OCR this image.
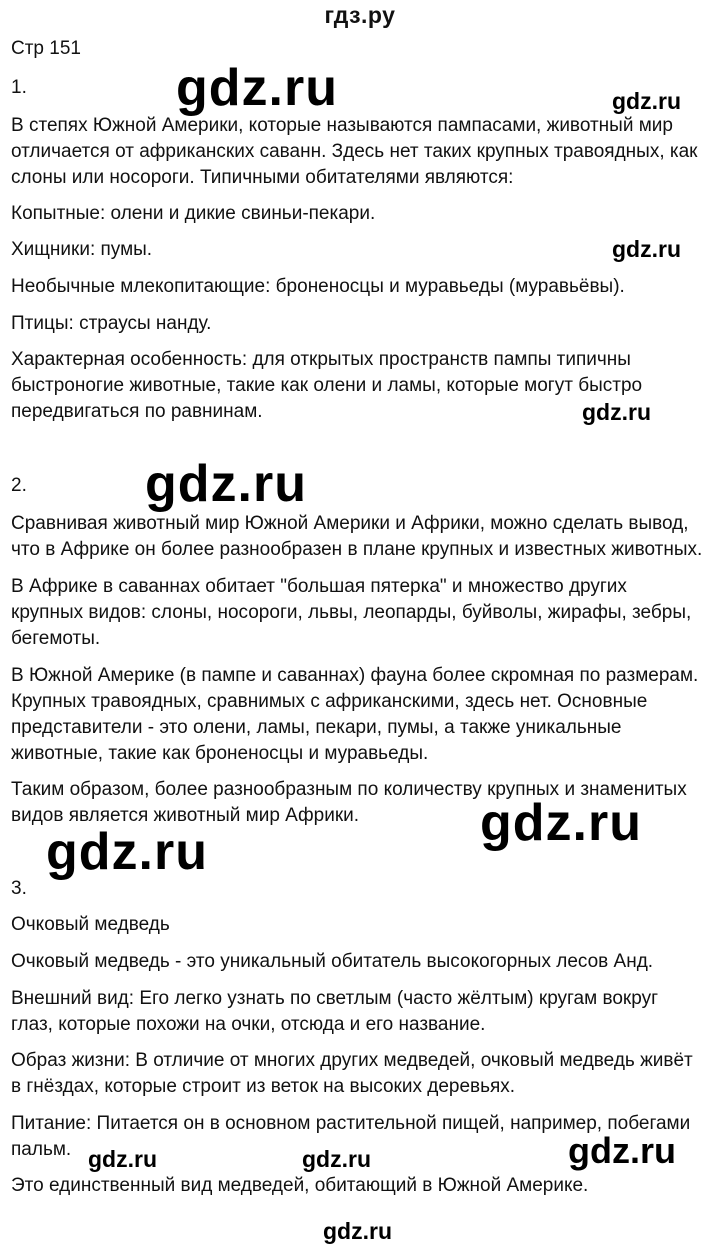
гдз.ру
Стр 151
1.
В степях Южной Америки, которые называются пампасами, животный мир
отличается от африканских саванн. Здесь нет таких крупных травоядных, как
слоны или носороги. Типичными обитателями являются:
Копытные: олени и дикие свиньи-пекари.
Хищники: пумы.
Необычные млекопитающие: броненосцы и муравьеды (муравьёвы).
Птицы: страусы нанду.
Характерная особенность: для открытых пространств пампы типичны
быстроногие животные, такие как олени и ламы, которые могут быстро
передвигаться по равнинам.
2.
Сравнивая животный мир Южной Америки и Африки, можно сделать вывод,
что в Африке он более разнообразен в плане крупных и известных животных.
В Африке в саваннах обитает "большая пятерка" и множество других
крупных видов: слоны, носороги, львы, леопарды, буйволы, жирафы, зебры,
бегемоты.
В Южной Америке (в пампе и саваннах) фауна более скромная по размерам.
Крупных травоядных, сравнимых с африканскими, здесь нет. Основные
представители - это олени, ламы, пекари, пумы, а также уникальные
животные, такие как броненосцы и муравьеды.
Таким образом, более разнообразным по количеству крупных и знаменитых
видов является животный мир Африки.
3.
Очковый медведь
Очковый медведь - это уникальный обитатель высокогорных лесов Анд.
Внешний вид: Его легко узнать по светлым (часто жёлтым) кругам вокруг
глаз, которые похожи на очки, отсюда и его название.
Образ жизни: В отличие от многих других медведей, очковый медведь живёт
в гнёздах, которые строит из веток на высоких деревьях.
Питание: Питается он в основном растительной пищей, например, побегами
пальм.
Это единственный вид медведей, обитающий в Южной Америке.
gdz.ru	gdz.ru
gdz.ru
gdz.ru
gdz.ru
gdz.ru
gdz.ru
gdz.ru
gdz.ru	gdz.ru
gdz.ru
